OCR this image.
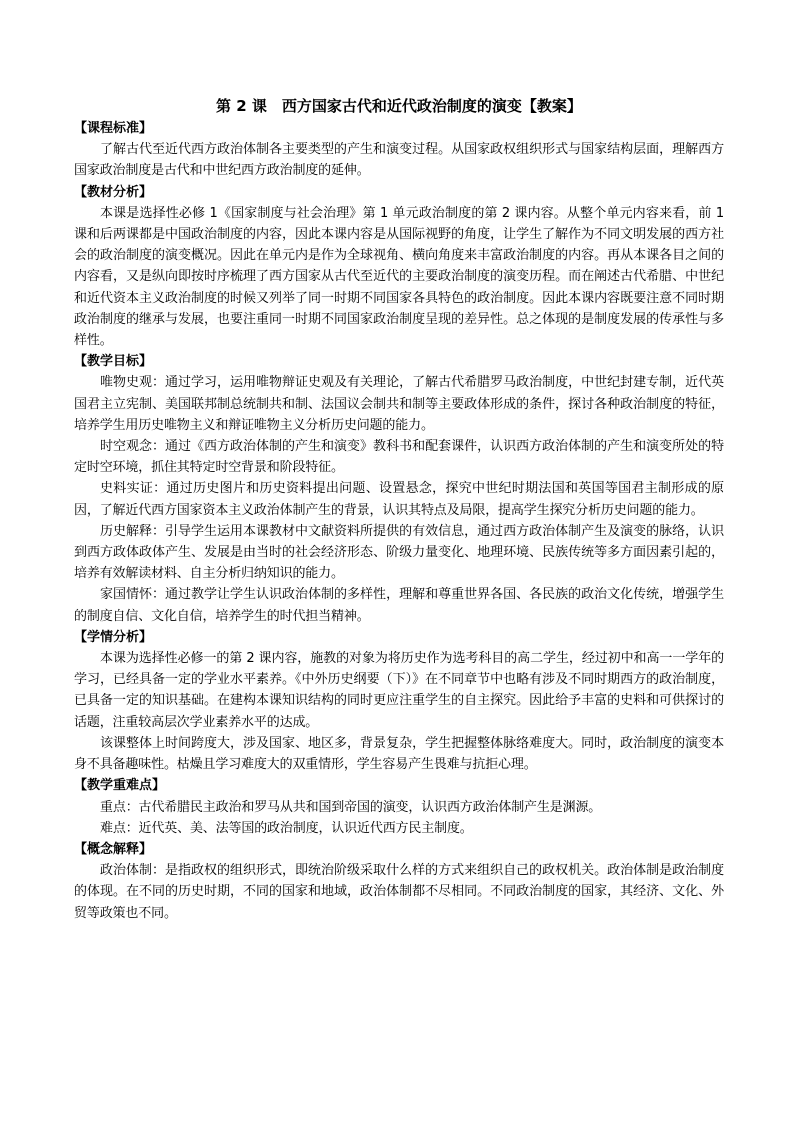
第 2 课　西方国家古代和近代政治制度的演变【教案】
【课程标准】

了解古代至近代西方政治体制各主要类型的产生和演变过程。从国家政权组织形式与国家结构层面，理解西方国家政治制度是古代和中世纪西方政治制度的延伸。

【教材分析】

本课是选择性必修 1《国家制度与社会治理》第 1 单元政治制度的第 2 课内容。从整个单元内容来看，前 1 课和后两课都是中国政治制度的内容，因此本课内容是从国际视野的角度，让学生了解作为不同文明发展的西方社会的政治制度的演变概况。因此在单元内是作为全球视角、横向角度来丰富政治制度的内容。再从本课各目之间的内容看，又是纵向即按时序梳理了西方国家从古代至近代的主要政治制度的演变历程。而在阐述古代希腊、中世纪和近代资本主义政治制度的时候又列举了同一时期不同国家各具特色的政治制度。因此本课内容既要注意不同时期政治制度的继承与发展，也要注重同一时期不同国家政治制度呈现的差异性。总之体现的是制度发展的传承性与多样性。

【教学目标】

唯物史观：通过学习，运用唯物辩证史观及有关理论，了解古代希腊罗马政治制度，中世纪封建专制，近代英国君主立宪制、美国联邦制总统制共和制、法国议会制共和制等主要政体形成的条件，探讨各种政治制度的特征，培养学生用历史唯物主义和辩证唯物主义分析历史问题的能力。

时空观念：通过《西方政治体制的产生和演变》教科书和配套课件，认识西方政治体制的产生和演变所处的特定时空环境，抓住其特定时空背景和阶段特征。

史料实证：通过历史图片和历史资料提出问题、设置悬念，探究中世纪时期法国和英国等国君主制形成的原因，了解近代西方国家资本主义政治体制产生的背景，认识其特点及局限，提高学生探究分析历史问题的能力。

历史解释：引导学生运用本课教材中文献资料所提供的有效信息，通过西方政治体制产生及演变的脉络，认识到西方政体政体产生、发展是由当时的社会经济形态、阶级力量变化、地理环境、民族传统等多方面因素引起的，培养有效解读材料、自主分析归纳知识的能力。

家国情怀：通过教学让学生认识政治体制的多样性，理解和尊重世界各国、各民族的政治文化传统，增强学生的制度自信、文化自信，培养学生的时代担当精神。

【学情分析】

本课为选择性必修一的第 2 课内容，施教的对象为将历史作为选考科目的高二学生，经过初中和高一一学年的学习，已经具备一定的学业水平素养。《中外历史纲要（下）》在不同章节中也略有涉及不同时期西方的政治制度，已具备一定的知识基础。在建构本课知识结构的同时更应注重学生的自主探究。因此给予丰富的史料和可供探讨的话题，注重较高层次学业素养水平的达成。

该课整体上时间跨度大，涉及国家、地区多，背景复杂，学生把握整体脉络难度大。同时，政治制度的演变本身不具备趣味性。枯燥且学习难度大的双重情形，学生容易产生畏难与抗拒心理。

【教学重难点】

重点：古代希腊民主政治和罗马从共和国到帝国的演变，认识西方政治体制产生是渊源。

难点：近代英、美、法等国的政治制度，认识近代西方民主制度。

【概念解释】

政治体制：是指政权的组织形式，即统治阶级采取什么样的方式来组织自己的政权机关。政治体制是政治制度的体现。在不同的历史时期，不同的国家和地域，政治体制都不尽相同。不同政治制度的国家，其经济、文化、外贸等政策也不同。
